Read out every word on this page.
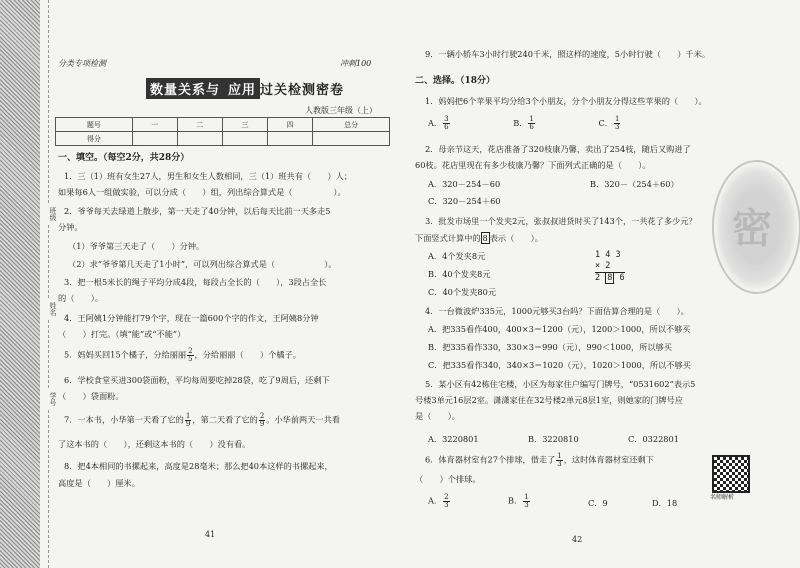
班级
姓名
学号
分类专项检测	冲刺100
数量关系与 应用 过关检测密卷
人教版三年级（上）
题号	一	二	三	四	总分
得分					
一、填空。（每空2分，共28分）
1．三（1）班有女生27人，男生和女生人数相同，三（1）班共有（　　）人；
如果每6人一组做实验，可以分成（　　）组，列出综合算式是（　　　　　）。
2．爷爷每天去绿道上散步，第一天走了40分钟，以后每天比前一天多走5
分钟。
（1）爷爷第三天走了（　　）分钟。
（2）求“爷爷第几天走了1小时”，可以列出综合算式是（　　　　　　）。
3．把一根5米长的绳子平均分成4段，每段占全长的（　　），3段占全长
的（　　）。
4．王阿姨1分钟能打79个字，现在一篇600个字的作文，王阿姨8分钟
（　　）打完。（填“能”或“不能”）
5．妈妈买回15个橘子，分给丽丽 $\frac{2}{5}$ ，分给丽丽（　　）个橘子。
6．学校食堂买进300袋面粉，平均每周要吃掉28袋，吃了9周后，还剩下
（　　）袋面粉。
7．一本书，小华第一天看了它的 $\frac{1}{9}$ ，第二天看了它的 $\frac{2}{9}$ 。小华前两天一共看
了这本书的（　　），还剩这本书的（　　）没有看。
8．把4本相同的书摞起来，高度是28毫米；那么把40本这样的书摞起来，
高度是（　　）厘米。
41
密
9．一辆小轿车3小时行驶240千米，照这样的速度，5小时行驶（　　）千米。
二、选择。（18分）
1．妈妈把6个苹果平均分给3个小朋友，分个小朋友分得这些苹果的（　　）。
A． $\frac{3}{6}$	B． $\frac{1}{6}$	C． $\frac{1}{3}$
2．母亲节这天，花店准备了320枝康乃馨，卖出了254枝，随后又购进了
60枝。花店里现在有多少枝康乃馨？下面列式正确的是（　　）。
A．320－254－60	B．320－（254＋60）
C．320－254＋60
3．批发市场里一个发夹2元，张叔叔进货时买了143个，一共花了多少元？
下面竖式计算中的 8 表示（　　）。
A．4个发夹8元
B．40个发夹8元
C．40个发夹80元
1 4 3
× 2
2 8 6
4．一台微波炉335元，1000元够买3台吗？下面估算合理的是（　　）。
A．把335看作400，400×3＝1200（元），1200＞1000，所以不够买
B．把335看作330，330×3＝990（元），990＜1000，所以够买
C．把335看作340，340×3＝1020（元），1020＞1000，所以不够买
5．某小区有42栋住宅楼，小区为每家住户编写门牌号，“0531602”表示5
号楼3单元16层2室。潇潇家住在32号楼2单元8层1室，则她家的门牌号应
是（　　）。
A．3220801	B．3220810	C．0322801
6．体育器材室有27个排球，借走了 $\frac{1}{3}$ ，这时体育器材室还剩下
（　　）个排球。
A． $\frac{2}{3}$	B． $\frac{1}{3}$	C．9	D．18
名师解析
42
